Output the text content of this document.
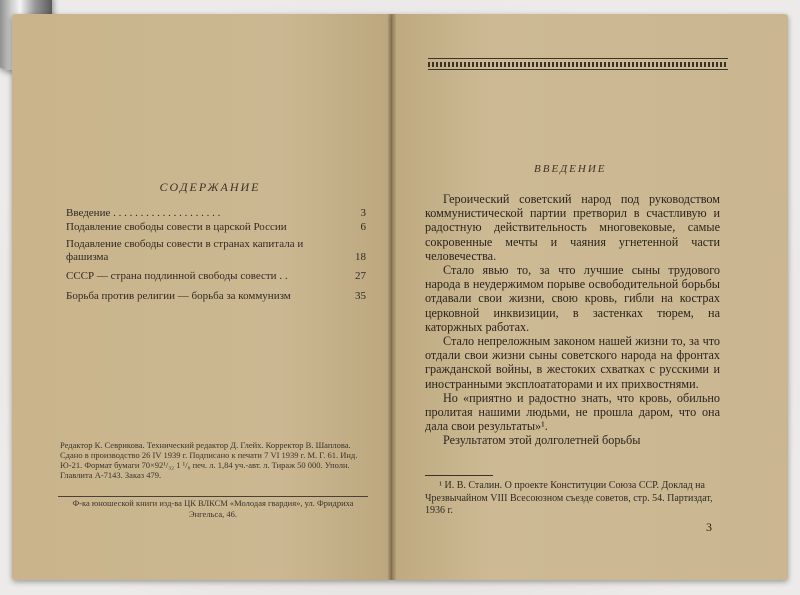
СОДЕРЖАНИЕ
Введение . . . . . . . . . . . . . . . . . . . .	3
Подавление свободы совести в царской России	6
Подавление свободы совести в странах капитала и фашизма	18
СССР — страна подлинной свободы совести . .	27
Борьба против религии — борьба за коммунизм	35
Редактор К. Севрикова. Технический редактор Д. Глейх. Корректор В. Шаплова. Сдано в производство 26 IV 1939 г. Подписано к печати 7 VI 1939 г. М. Г. 61. Инд. Ю-21. Формат бумаги 70×92¹/₃₂ 1 ¹/₈ печ. л. 1,84 уч.-авт. л. Тираж 50 000. Уполн. Главлита А-7143. Заказ 479.
Ф-ка юношеской книги изд-ва ЦК ВЛКСМ «Молодая гвардия», ул. Фридриха Энгельса, 46.
ВВЕДЕНИЕ

Героический советский народ под руководством коммунистической партии претворил в счастливую и радостную действительность многовековые, самые сокровенные мечты и чаяния угнетенной части человечества.

Стало явью то, за что лучшие сыны трудового народа в неудержимом порыве освободительной борьбы отдавали свои жизни, свою кровь, гибли на кострах церковной инквизиции, в застенках тюрем, на каторжных работах.

Стало непреложным законом нашей жизни то, за что отдали свои жизни сыны советского народа на фронтах гражданской войны, в жестоких схватках с русскими и иностранными эксплоататорами и их прихвостнями.

Но «приятно и радостно знать, что кровь, обильно пролитая нашими людьми, не прошла даром, что она дала свои результаты»¹.

Результатом этой долголетней борьбы

¹ И. В. Сталин. О проекте Конституции Союза ССР. Доклад на Чрезвычайном VIII Всесоюзном съезде советов, стр. 54. Партиздат, 1936 г.
3
